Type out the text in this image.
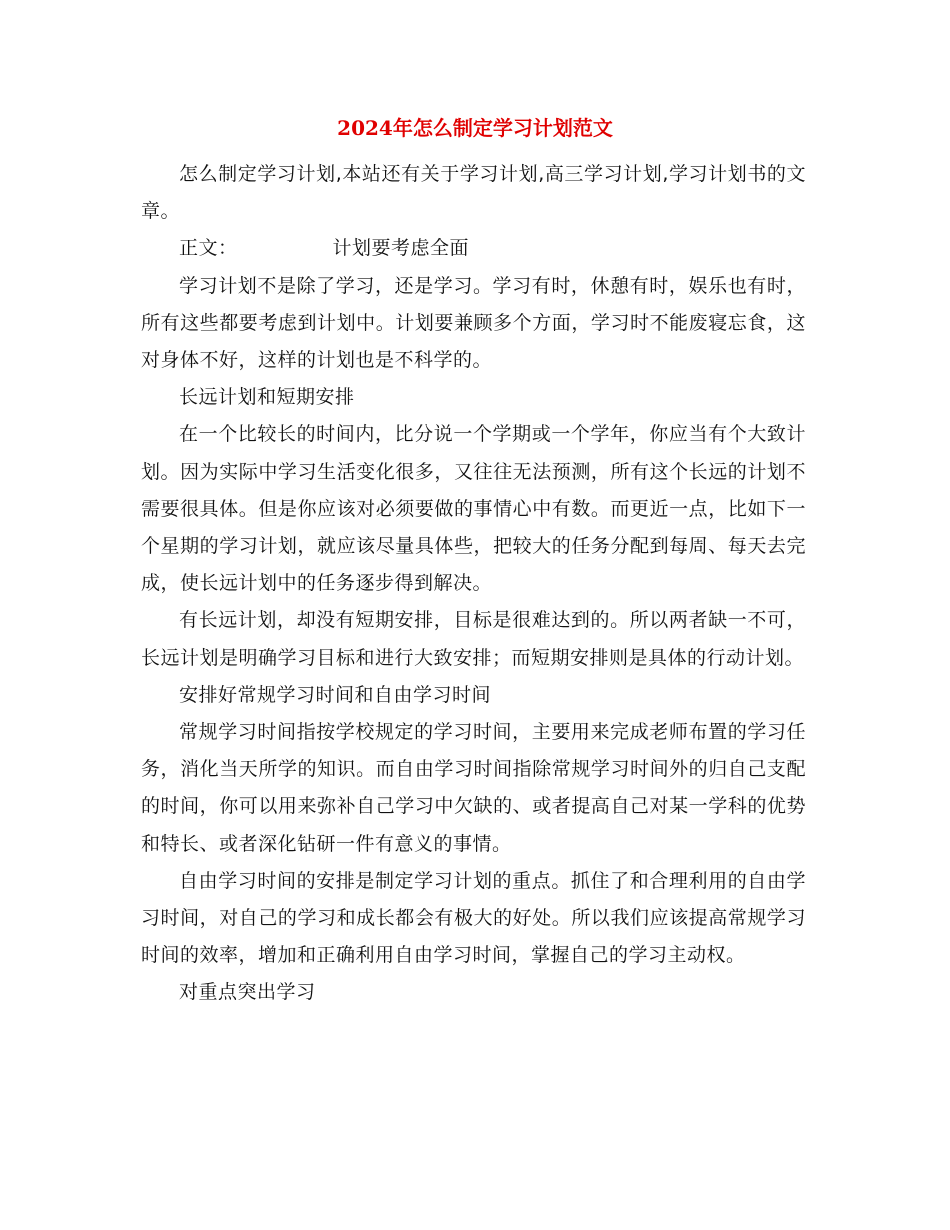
2024年怎么制定学习计划范文

怎么制定学习计划,本站还有关于学习计划,高三学习计划,学习计划书的文章。

正文：	计划要考虑全面

学习计划不是除了学习，还是学习。学习有时，休憩有时，娱乐也有时，所有这些都要考虑到计划中。计划要兼顾多个方面，学习时不能废寝忘食，这对身体不好，这样的计划也是不科学的。

长远计划和短期安排

在一个比较长的时间内，比分说一个学期或一个学年，你应当有个大致计划。因为实际中学习生活变化很多，又往往无法预测，所有这个长远的计划不需要很具体。但是你应该对必须要做的事情心中有数。而更近一点，比如下一个星期的学习计划，就应该尽量具体些，把较大的任务分配到每周、每天去完成，使长远计划中的任务逐步得到解决。

有长远计划，却没有短期安排，目标是很难达到的。所以两者缺一不可，长远计划是明确学习目标和进行大致安排；而短期安排则是具体的行动计划。

安排好常规学习时间和自由学习时间

常规学习时间指按学校规定的学习时间，主要用来完成老师布置的学习任务，消化当天所学的知识。而自由学习时间指除常规学习时间外的归自己支配的时间，你可以用来弥补自己学习中欠缺的、或者提高自己对某一学科的优势和特长、或者深化钻研一件有意义的事情。

自由学习时间的安排是制定学习计划的重点。抓住了和合理利用的自由学习时间，对自己的学习和成长都会有极大的好处。所以我们应该提高常规学习时间的效率，增加和正确利用自由学习时间，掌握自己的学习主动权。

对重点突出学习
